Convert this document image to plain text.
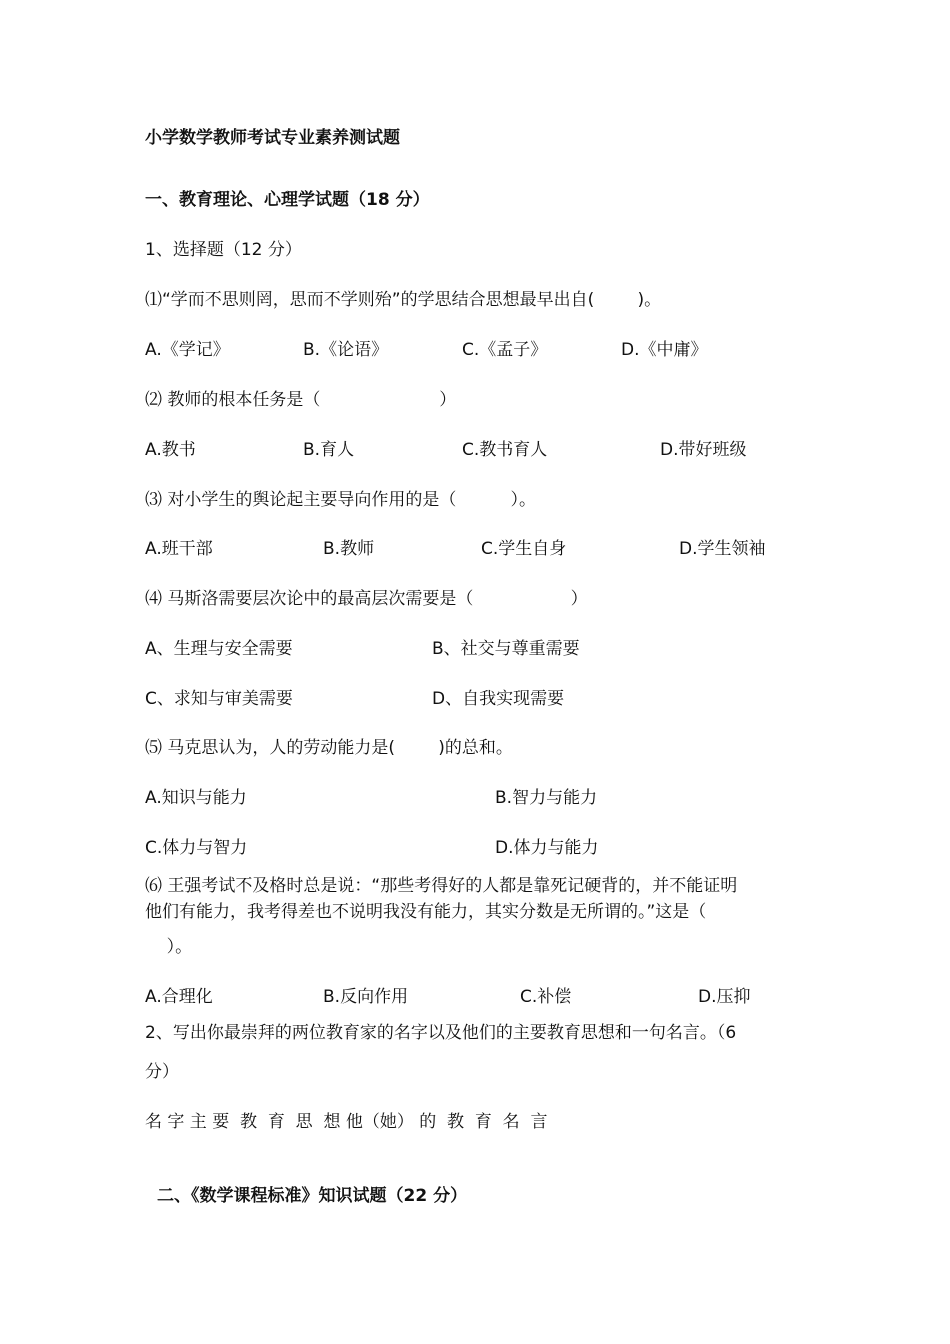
小学数学教师考试专业素养测试题
一、教育理论、心理学试题（18 分）
1、选择题（12 分）
⑴“学而不思则罔，思而不学则殆”的学思结合思想最早出自(        )。
A.《学记》	B.《论语》	C.《孟子》	D.《中庸》
⑵ 教师的根本任务是（                      ）
A.教书	B.育人	C.教书育人	D.带好班级
⑶ 对小学生的舆论起主要导向作用的是（          ）。
A.班干部	B.教师	C.学生自身	D.学生领袖
⑷ 马斯洛需要层次论中的最高层次需要是（                  ）
A、生理与安全需要	B、社交与尊重需要
C、求知与审美需要	D、自我实现需要
⑸ 马克思认为，人的劳动能力是(        )的总和。
A.知识与能力	B.智力与能力
C.体力与智力	D.体力与能力
⑹ 王强考试不及格时总是说：“那些考得好的人都是靠死记硬背的，并不能证明
他们有能力，我考得差也不说明我没有能力，其实分数是无所谓的。”这是（
）。
A.合理化	B.反向作用	C.补偿	D.压抑
2、写出你最崇拜的两位教育家的名字以及他们的主要教育思想和一句名言。（6
分）
名 字 主 要  教  育  思  想 他（她） 的  教  育  名  言
二、《数学课程标准》知识试题（22 分）
